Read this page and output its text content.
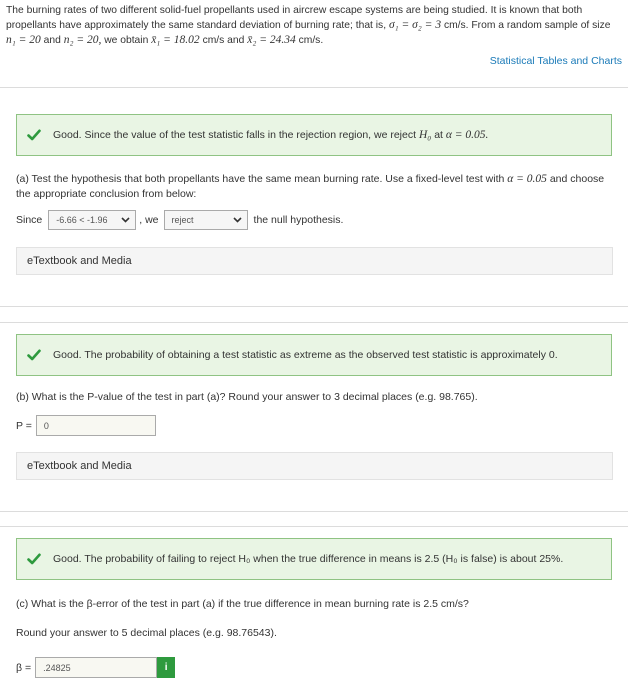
The burning rates of two different solid-fuel propellants used in aircrew escape systems are being studied. It is known that both
propellants have approximately the same standard deviation of burning rate; that is, σ₁ = σ₂ = 3 cm/s. From a random sample of size
n₁ = 20 and n₂ = 20, we obtain x̄₁ = 18.02 cm/s and x̄₂ = 24.34 cm/s.
Statistical Tables and Charts
Good. Since the value of the test statistic falls in the rejection region, we reject H₀ at α = 0.05.
(a) Test the hypothesis that both propellants have the same mean burning rate. Use a fixed-level test with α = 0.05 and choose
the appropriate conclusion from below:
Since -6.66 < -1.96	, we reject	the null hypothesis.
eTextbook and Media
Good. The probability of obtaining a test statistic as extreme as the observed test statistic is approximately 0.
(b) What is the P-value of the test in part (a)? Round your answer to 3 decimal places (e.g. 98.765).
P =
0
eTextbook and Media
Good. The probability of failing to reject H₀ when the true difference in means is 2.5 (H₀ is false) is about 25%.
(c) What is the β-error of the test in part (a) if the true difference in mean burning rate is 2.5 cm/s?
Round your answer to 5 decimal places (e.g. 98.76543).
β =
.24825	i
